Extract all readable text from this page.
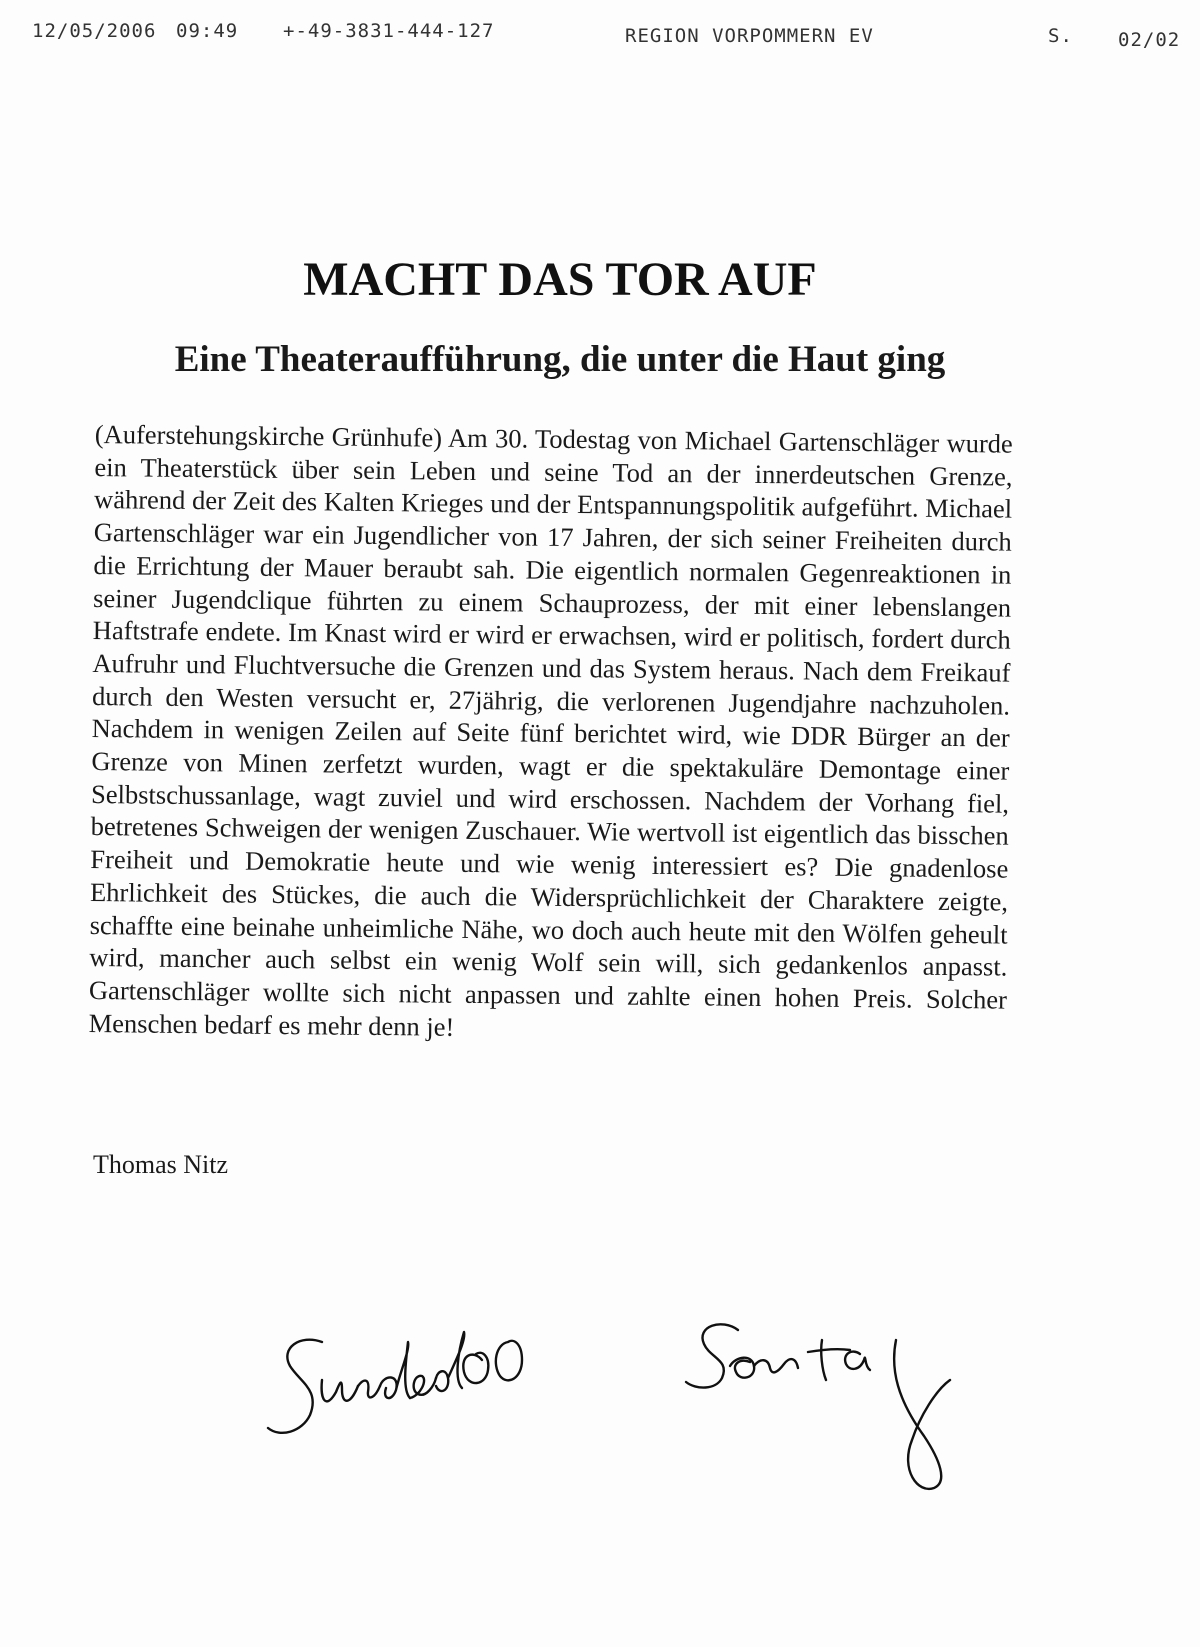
12/05/2006 09:49 +-49-3831-444-127	REGION VORPOMMERN EV	S. 02/02
MACHT DAS TOR AUF
Eine Theateraufführung, die unter die Haut ging

(Auferstehungskirche Grünhufe) Am 30. Todestag von Michael Gartenschläger wurde ein Theaterstück über sein Leben und seine Tod an der innerdeutschen Grenze, während der Zeit des Kalten Krieges und der Entspannungspolitik aufgeführt. Michael Gartenschläger war ein Jugendlicher von 17 Jahren, der sich seiner Freiheiten durch die Errichtung der Mauer beraubt sah. Die eigentlich normalen Gegenreaktionen in seiner Jugendclique führten zu einem Schauprozess, der mit einer lebenslangen Haftstrafe endete. Im Knast wird er wird er erwachsen, wird er politisch, fordert durch Aufruhr und Fluchtversuche die Grenzen und das System heraus. Nach dem Freikauf durch den Westen versucht er, 27jährig, die verlorenen Jugendjahre nachzuholen. Nachdem in wenigen Zeilen auf Seite fünf berichtet wird, wie DDR Bürger an der Grenze von Minen zerfetzt wurden, wagt er die spektakuläre Demontage einer Selbstschussanlage, wagt zuviel und wird erschossen. Nachdem der Vorhang fiel, betretenes Schweigen der wenigen Zuschauer. Wie wertvoll ist eigentlich das bisschen Freiheit und Demokratie heute und wie wenig interessiert es? Die gnadenlose Ehrlichkeit des Stückes, die auch die Widersprüchlichkeit der Charaktere zeigte, schaffte eine beinahe unheimliche Nähe, wo doch auch heute mit den Wölfen geheult wird, mancher auch selbst ein wenig Wolf sein will, sich gedankenlos anpasst. Gartenschläger wollte sich nicht anpassen und zahlte einen hohen Preis. Solcher Menschen bedarf es mehr denn je!

Thomas Nitz
